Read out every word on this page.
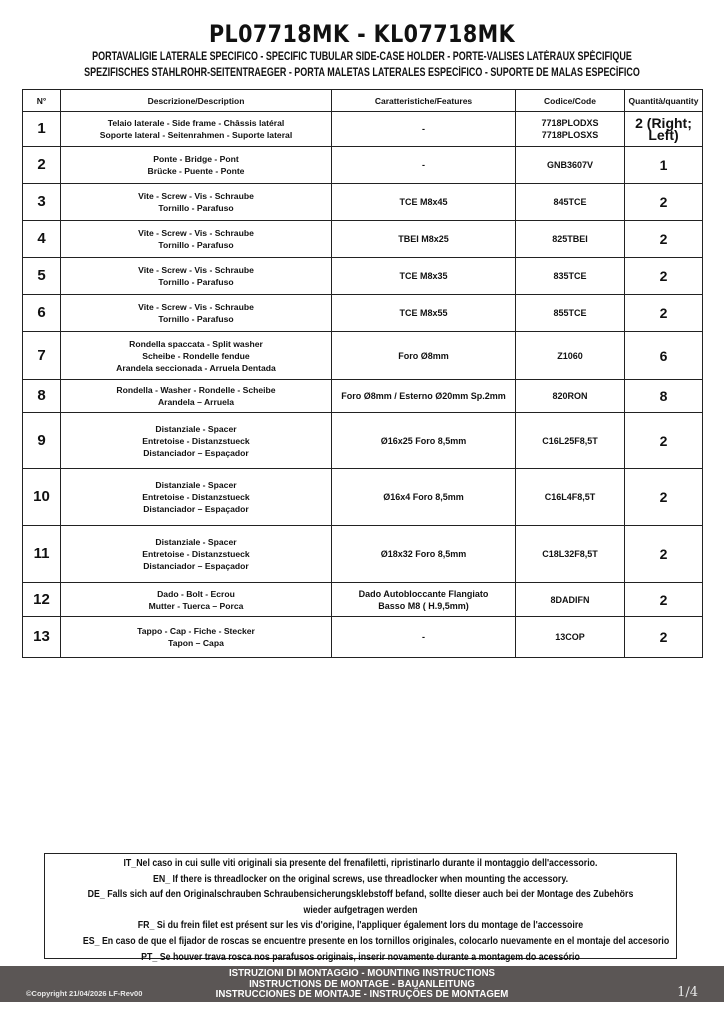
PL07718MK - KL07718MK
PORTAVALIGIE LATERALE SPECIFICO - SPECIFIC TUBULAR SIDE-CASE HOLDER - PORTE-VALISES LATÉRAUX SPÉCIFIQUE
SPEZIFISCHES STAHLROHR-SEITENTRAEGER - PORTA MALETAS LATERALES ESPECÍFICO - SUPORTE DE MALAS ESPECÍFICO
N°	Descrizione/Description	Caratteristiche/Features	Codice/Code	Quantità/quantity
1	Telaio laterale - Side frame - Châssis latéral
Soporte lateral - Seitenrahmen - Suporte lateral	-	7718PLODXS
7718PLOSXS	2 (Right; Left)
2	Ponte - Bridge - Pont
Brücke - Puente - Ponte	-	GNB3607V	1
3	Vite - Screw - Vis - Schraube
Tornillo - Parafuso	TCE M8x45	845TCE	2
4	Vite - Screw - Vis - Schraube
Tornillo - Parafuso	TBEI M8x25	825TBEI	2
5	Vite - Screw - Vis - Schraube
Tornillo - Parafuso	TCE M8x35	835TCE	2
6	Vite - Screw - Vis - Schraube
Tornillo - Parafuso	TCE M8x55	855TCE	2
7	Rondella spaccata - Split washer
Scheibe - Rondelle fendue
Arandela seccionada - Arruela Dentada	Foro Ø8mm	Z1060	6
8	Rondella - Washer - Rondelle - Scheibe
Arandela – Arruela	Foro Ø8mm / Esterno Ø20mm Sp.2mm	820RON	8
9	Distanziale - Spacer
Entretoise - Distanzstueck
Distanciador – Espaçador	Ø16x25 Foro 8,5mm	C16L25F8,5T	2
10	Distanziale - Spacer
Entretoise - Distanzstueck
Distanciador – Espaçador	Ø16x4 Foro 8,5mm	C16L4F8,5T	2
11	Distanziale - Spacer
Entretoise - Distanzstueck
Distanciador – Espaçador	Ø18x32 Foro 8,5mm	C18L32F8,5T	2
12	Dado - Bolt - Ecrou
Mutter - Tuerca – Porca	Dado Autobloccante Flangiato
Basso M8 ( H.9,5mm)	8DADIFN	2
13	Tappo - Cap - Fiche - Stecker
Tapon – Capa	-	13COP	2
IT_Nel caso in cui sulle viti originali sia presente del frenafiletti, ripristinarlo durante il montaggio dell'accessorio.
EN_ If there is threadlocker on the original screws, use threadlocker when mounting the accessory.
DE_ Falls sich auf den Originalschrauben Schraubensicherungsklebstoff befand, sollte dieser auch bei der Montage des Zubehörs wieder aufgetragen werden
FR_ Si du frein filet est présent sur les vis d'origine, l'appliquer également lors du montage de l'accessoire
ES_ En caso de que el fijador de roscas se encuentre presente en los tornillos originales, colocarlo nuevamente en el montaje del accesorio
PT_ Se houver trava rosca nos parafusos originais, inserir novamente durante a montagem do acessório
ISTRUZIONI DI MONTAGGIO - MOUNTING INSTRUCTIONS
INSTRUCTIONS DE MONTAGE - BAUANLEITUNG
INSTRUCCIONES DE MONTAJE - INSTRUÇÕES DE MONTAGEM
©Copyright 21/04/2026 LF-Rev00	1/4
